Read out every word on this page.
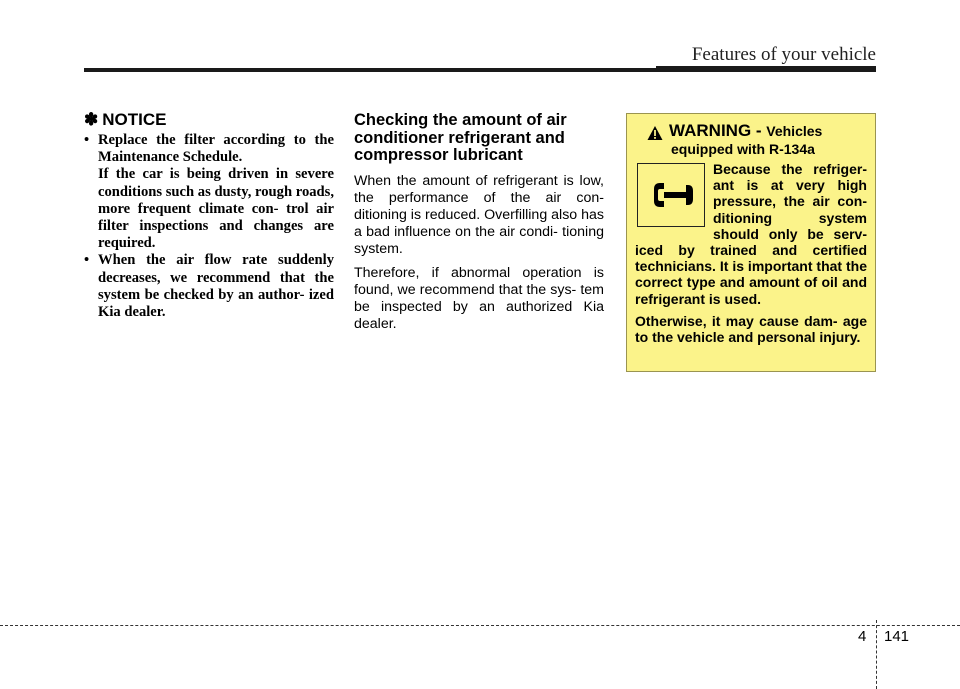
Features of your vehicle
✽ NOTICE
• Replace the filter according to the Maintenance Schedule.
If the car is being driven in severe conditions such as dusty, rough roads, more frequent climate con- trol air filter inspections and changes are required.
• When the air flow rate suddenly decreases, we recommend that the system be checked by an author- ized Kia dealer.
Checking the amount of air conditioner refrigerant and compressor lubricant

When the amount of refrigerant is low, the performance of the air con- ditioning is reduced. Overfilling also has a bad influence on the air condi- tioning system.

Therefore, if abnormal operation is found, we recommend that the sys- tem be inspected by an authorized Kia dealer.

WARNING - Vehicles
equipped with R-134a

Because the refriger- ant is at very high pressure, the air con- ditioning system should only be serv- iced by trained and certified technicians. It is important that the correct type and amount of oil and refrigerant is used.

Otherwise, it may cause dam- age to the vehicle and personal injury.

4 141
